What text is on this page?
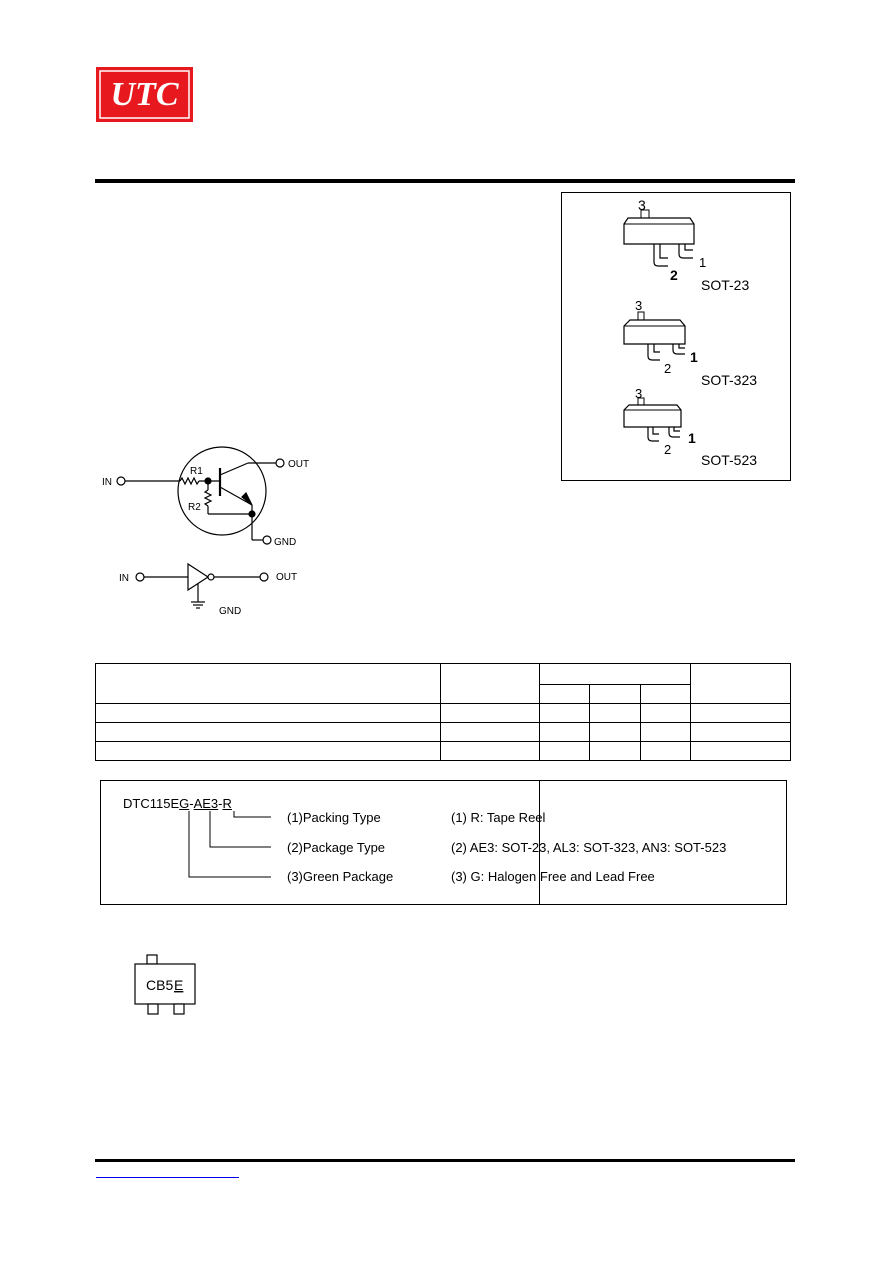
UTC
3
2
1
SOT-23
3
2
1
SOT-323
3
2
1
SOT-523
IN
OUT
GND
R1
R2
IN	OUT
GND
CB5 E

DTC115EG-AE3-R
(1)Packing Type
(2)Package Type
(3)Green Package
(1) R: Tape Reel
(2) AE3: SOT-23, AL3: SOT-323, AN3: SOT-523
(3) G: Halogen Free and Lead Free
